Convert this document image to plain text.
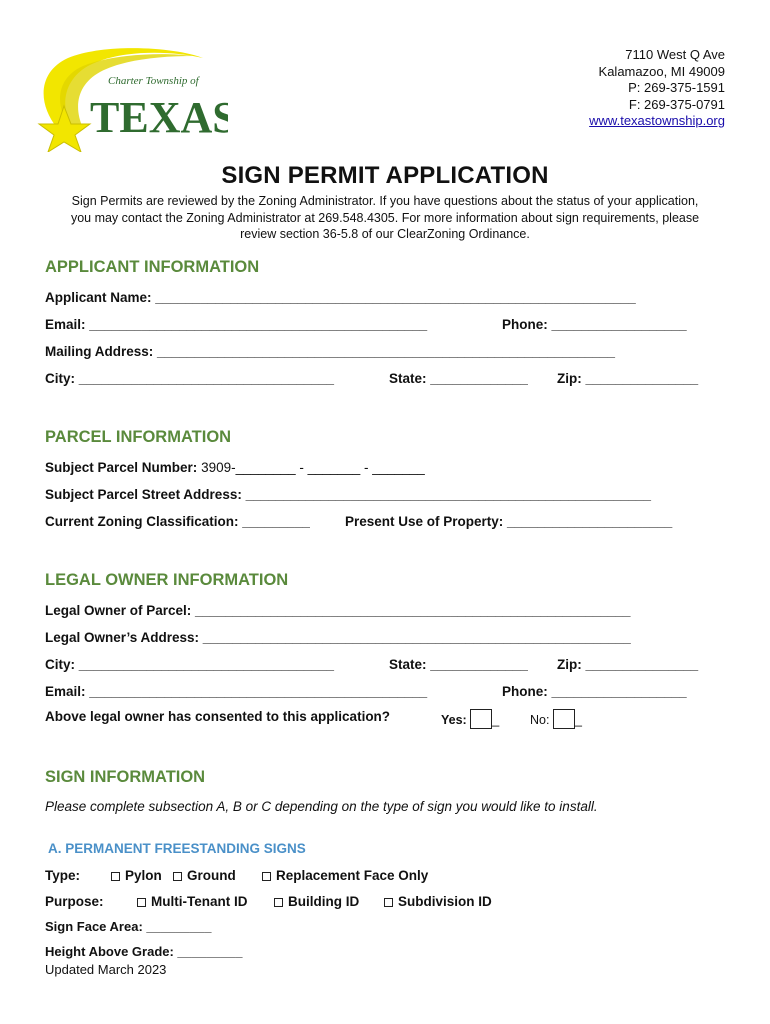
Charter Township of
TEXAS
7110 West Q Ave
Kalamazoo, MI 49009
P: 269-375-1591
F: 269-375-0791
www.texastownship.org
SIGN PERMIT APPLICATION
Sign Permits are reviewed by the Zoning Administrator. If you have questions about the status of your application, you may contact the Zoning Administrator at 269.548.4305. For more information about sign requirements, please review section 36-5.8 of our ClearZoning Ordinance.
APPLICANT INFORMATION
Applicant Name: ________________________________________________________________
Email: _____________________________________________	Phone: __________________
Mailing Address: _____________________________________________________________
City: __________________________________	State: _____________ Zip: _______________
PARCEL INFORMATION
Subject Parcel Number: 3909-________ - _______ - _______
Subject Parcel Street Address: ______________________________________________________
Current Zoning Classification: _________	Present Use of Property: ______________________
LEGAL OWNER INFORMATION
Legal Owner of Parcel: __________________________________________________________
Legal Owner’s Address: _________________________________________________________
City: __________________________________	State: _____________ Zip: _______________
Email: _____________________________________________	Phone: __________________
Above legal owner has consented to this application?	Yes: _ No: _
SIGN INFORMATION
Please complete subsection A, B or C depending on the type of sign you would like to install.
A. PERMANENT FREESTANDING SIGNS
Type:	Pylon	Ground	Replacement Face Only
Purpose:	Multi-Tenant ID	Building ID	Subdivision ID
Sign Face Area: _________
Height Above Grade: _________
Updated March 2023
